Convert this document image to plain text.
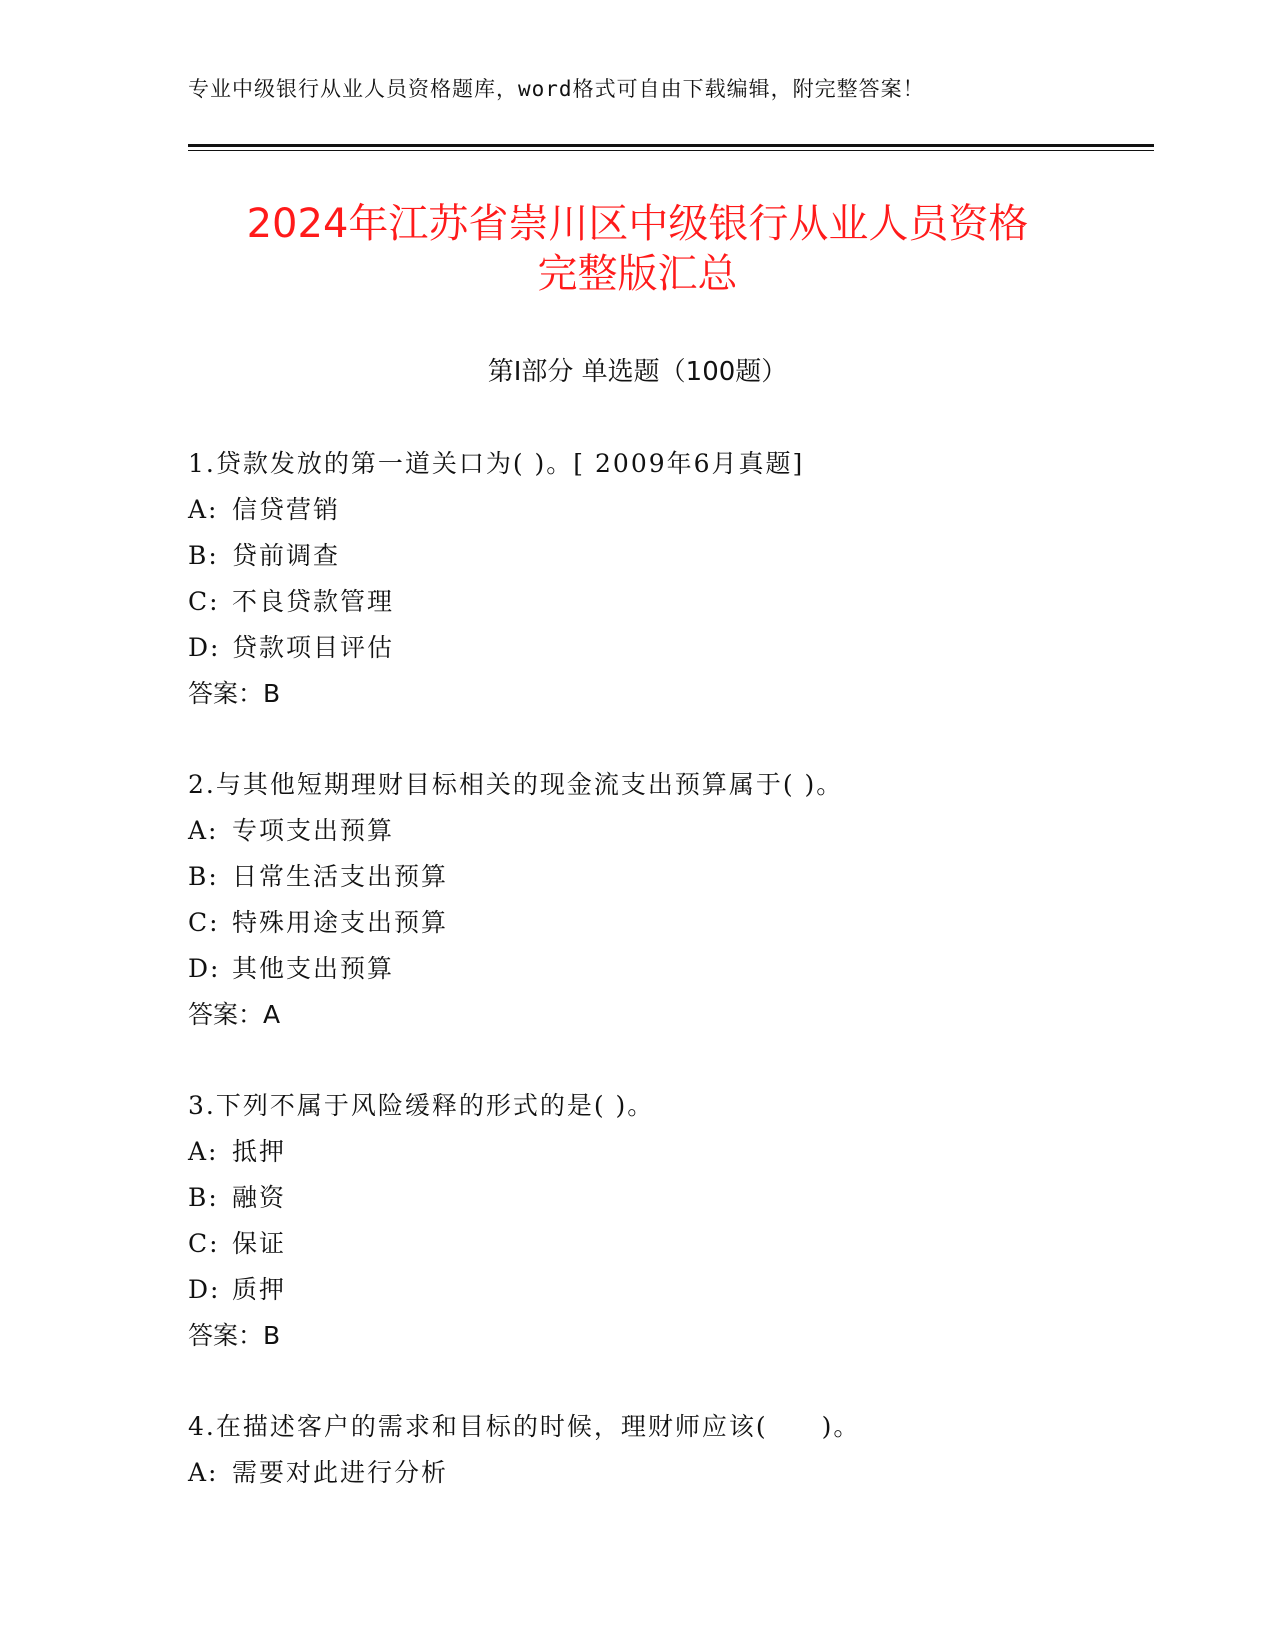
专业中级银行从业人员资格题库，word格式可自由下载编辑，附完整答案！
2024年江苏省崇川区中级银行从业人员资格
完整版汇总
第Ⅰ部分 单选题（100题）
1.贷款发放的第一道关口为( )。[ 2009年6月真题]
A: 信贷营销
B: 贷前调查
C: 不良贷款管理
D: 贷款项目评估
答案：B
2.与其他短期理财目标相关的现金流支出预算属于( )。
A: 专项支出预算
B: 日常生活支出预算
C: 特殊用途支出预算
D: 其他支出预算
答案：A
3.下列不属于风险缓释的形式的是( )。
A: 抵押
B: 融资
C: 保证
D: 质押
答案：B
4.在描述客户的需求和目标的时候，理财师应该(　　)。
A: 需要对此进行分析
